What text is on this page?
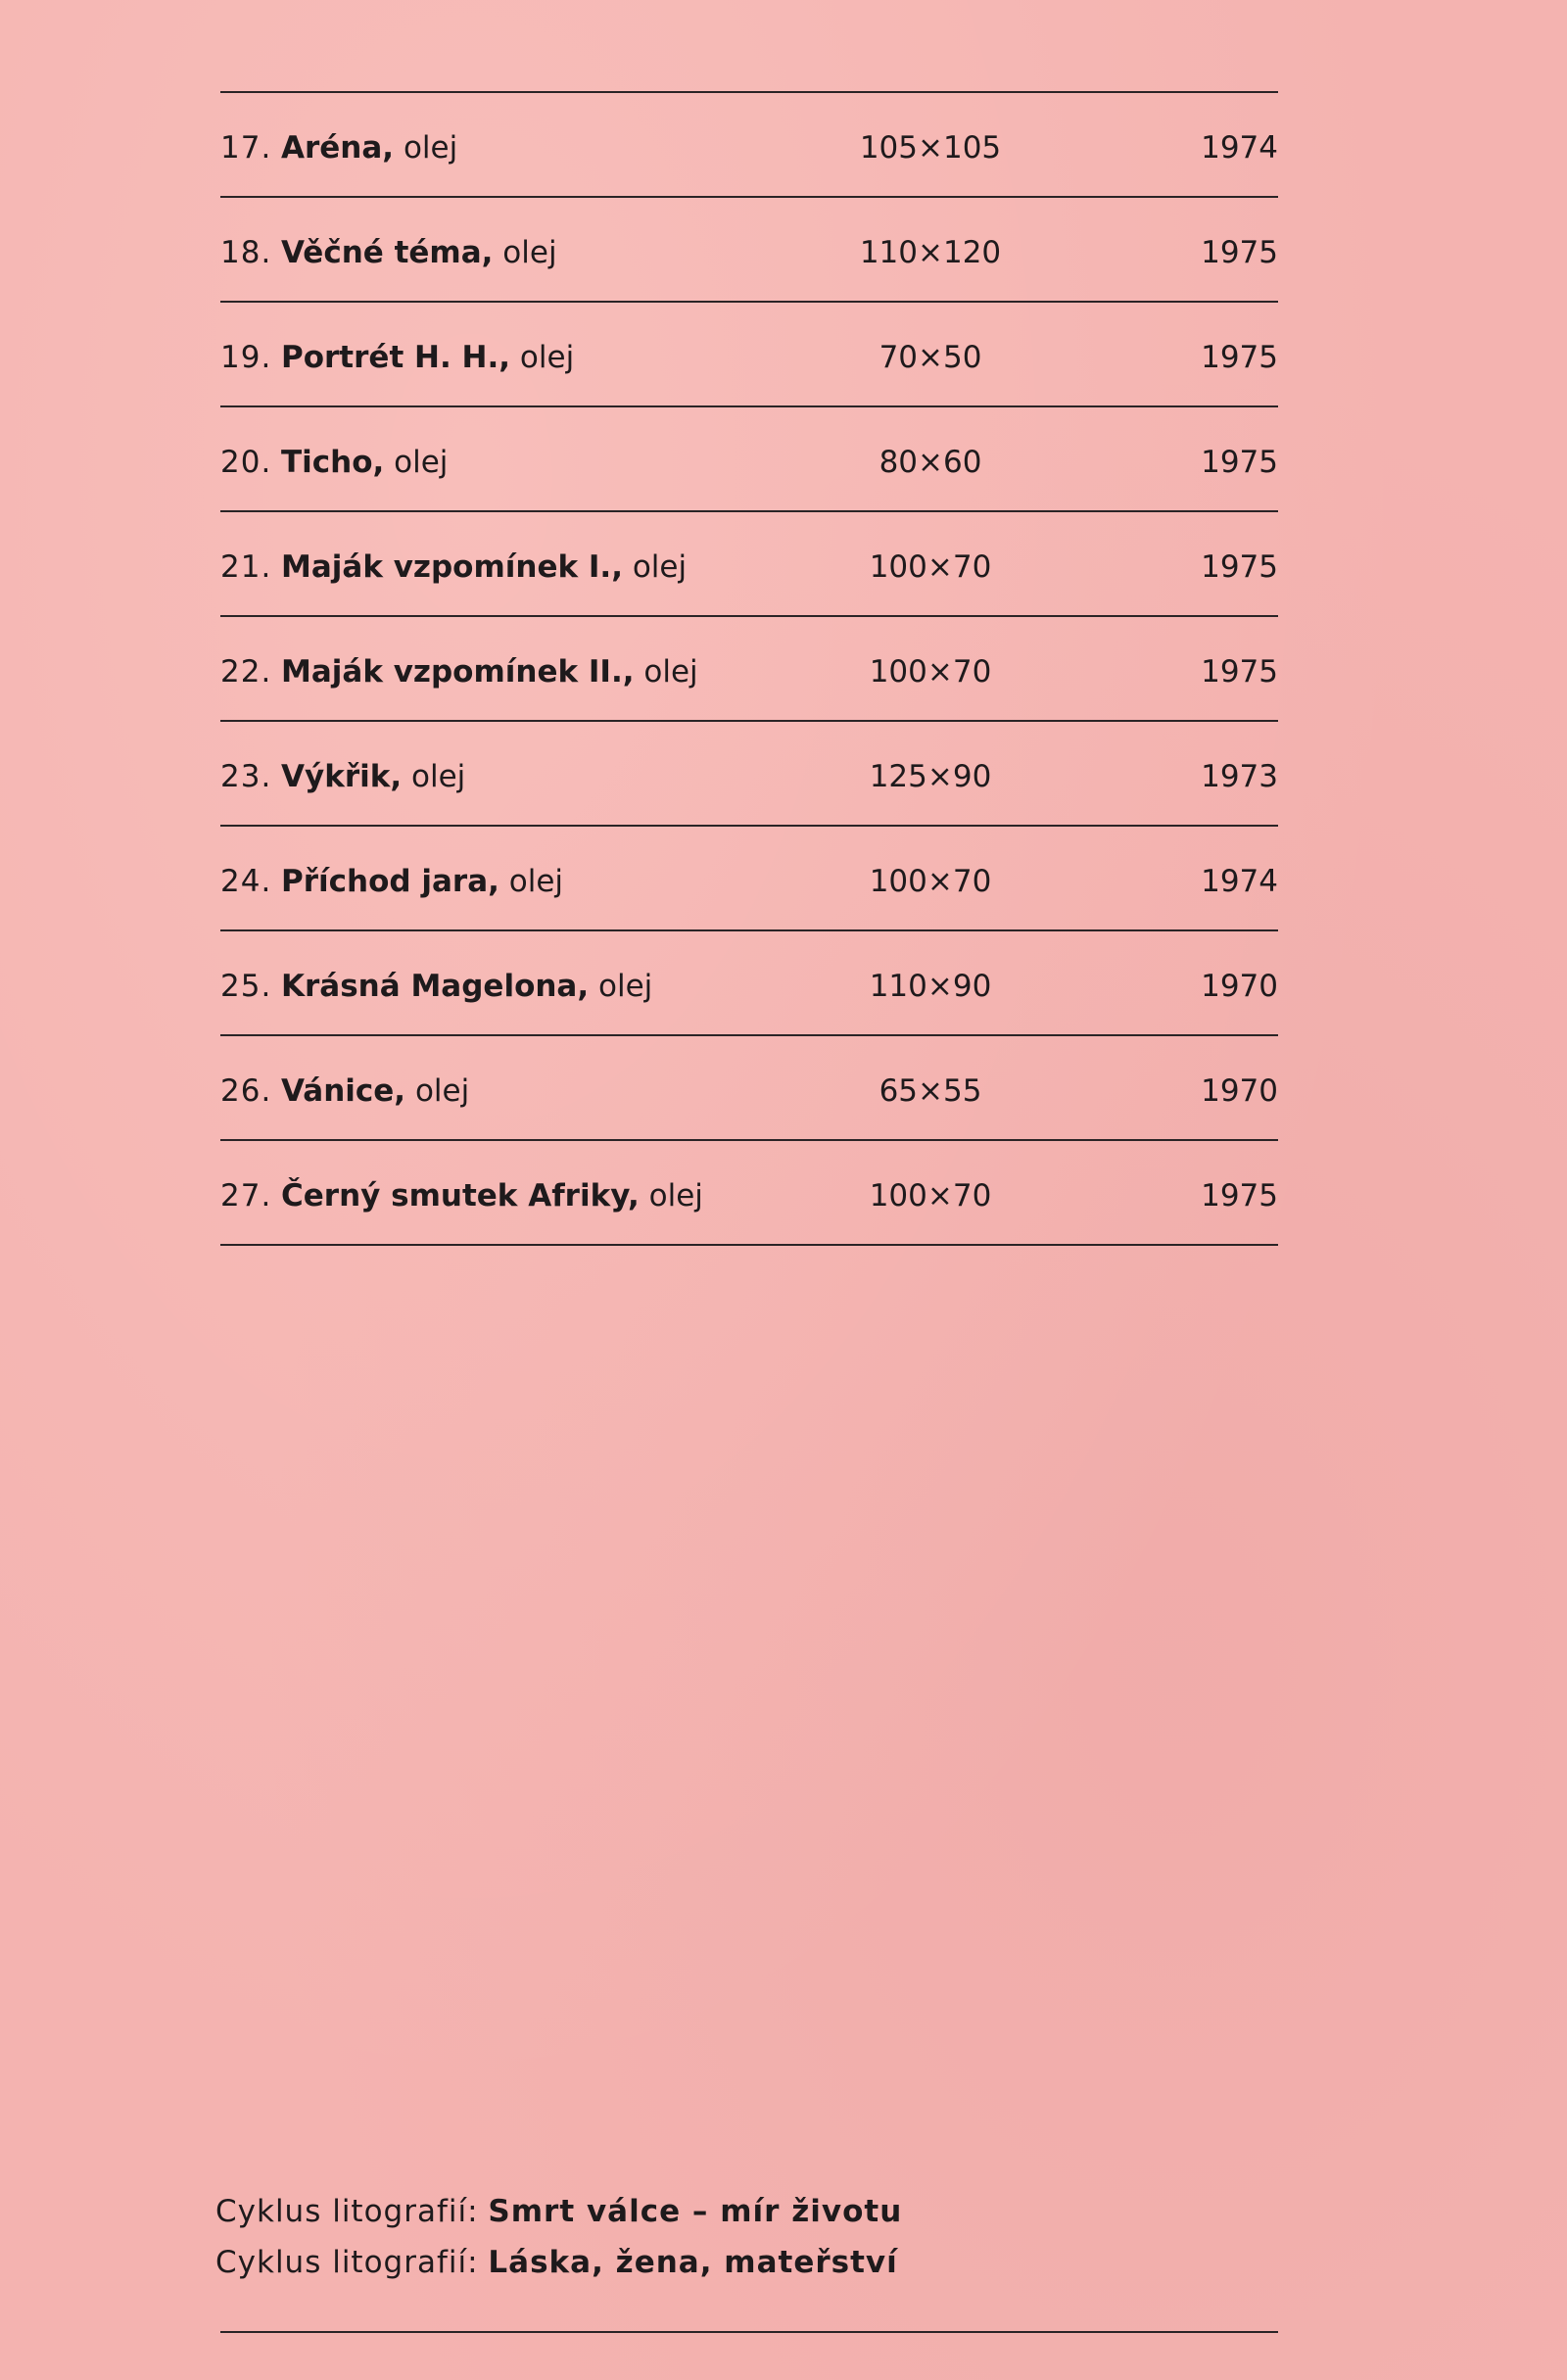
17. Aréna, olej	105×105	1974
18. Věčné téma, olej	110×120	1975
19. Portrét H. H., olej	70×50	1975
20. Ticho, olej	80×60	1975
21. Maják vzpomínek I., olej	100×70	1975
22. Maják vzpomínek II., olej	100×70	1975
23. Výkřik, olej	125×90	1973
24. Příchod jara, olej	100×70	1974
25. Krásná Magelona, olej	110×90	1970
26. Vánice, olej	65×55	1970
27. Černý smutek Afriky, olej	100×70	1975
Cyklus litografií: Smrt válce – mír životu
Cyklus litografií: Láska, žena, mateřství
